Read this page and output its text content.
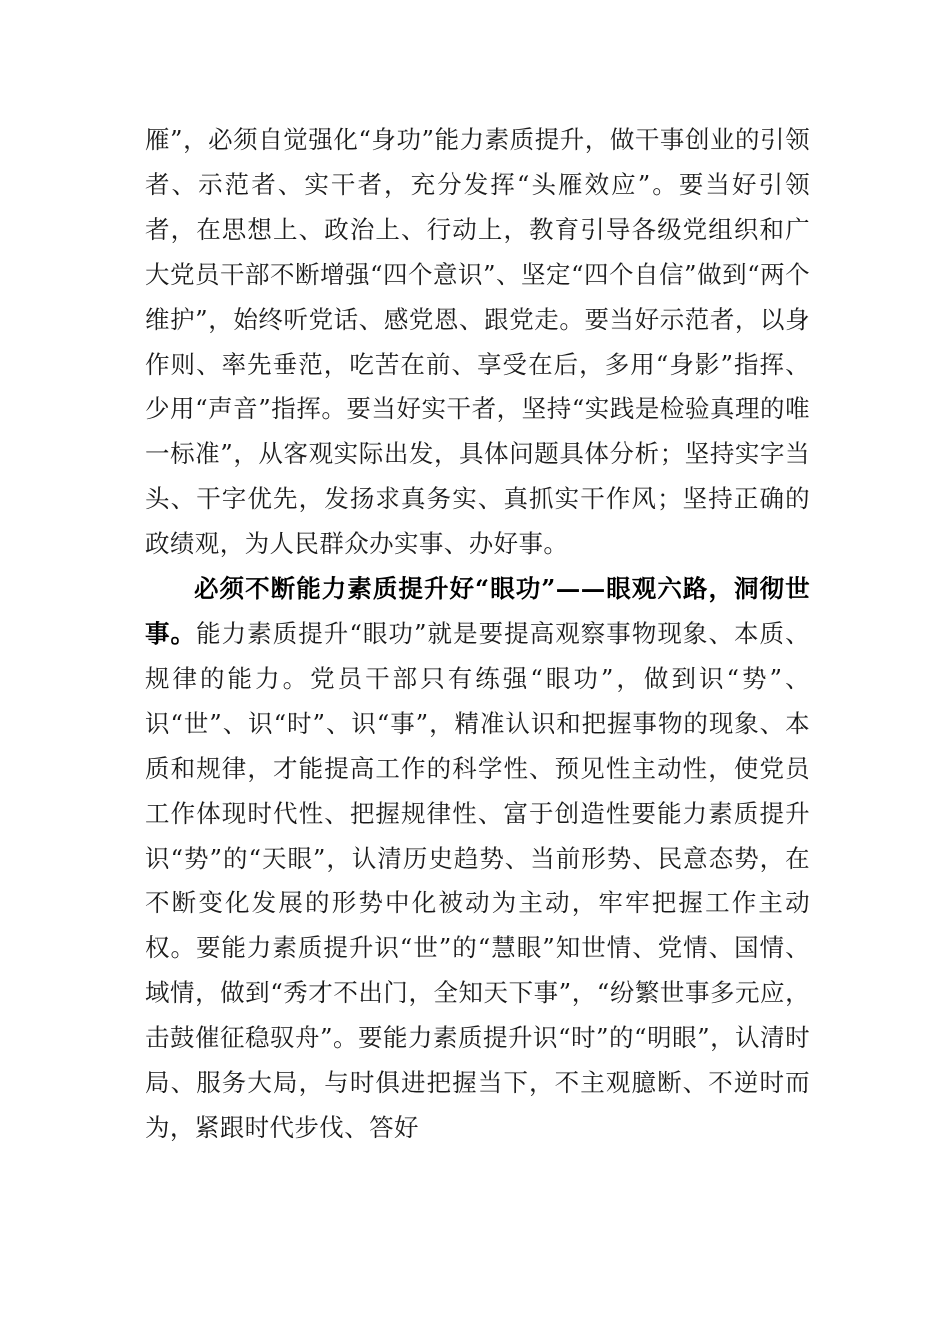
雁”，必须自觉强化“身功”能力素质提升，做干事创业的引领者、示范者、实干者，充分发挥“头雁效应”。要当好引领者，在思想上、政治上、行动上，教育引导各级党组织和广大党员干部不断增强“四个意识”、坚定“四个自信”做到“两个维护”，始终听党话、感党恩、跟党走。要当好示范者，以身作则、率先垂范，吃苦在前、享受在后，多用“身影”指挥、少用“声音”指挥。要当好实干者，坚持“实践是检验真理的唯一标准”，从客观实际出发，具体问题具体分析；坚持实字当头、干字优先，发扬求真务实、真抓实干作风；坚持正确的政绩观，为人民群众办实事、办好事。

必须不断能力素质提升好“眼功”——眼观六路，洞彻世事。能力素质提升“眼功”就是要提高观察事物现象、本质、规律的能力。党员干部只有练强“眼功”，做到识“势”、识“世”、识“时”、识“事”，精准认识和把握事物的现象、本质和规律，才能提高工作的科学性、预见性主动性，使党员工作体现时代性、把握规律性、富于创造性要能力素质提升识“势”的“天眼”，认清历史趋势、当前形势、民意态势，在不断变化发展的形势中化被动为主动，牢牢把握工作主动权。要能力素质提升识“世”的“慧眼”知世情、党情、国情、域情，做到“秀才不出门，全知天下事”，“纷繁世事多元应，击鼓催征稳驭舟”。要能力素质提升识“时”的“明眼”，认清时局、服务大局，与时俱进把握当下，不主观臆断、不逆时而为，紧跟时代步伐、答好
